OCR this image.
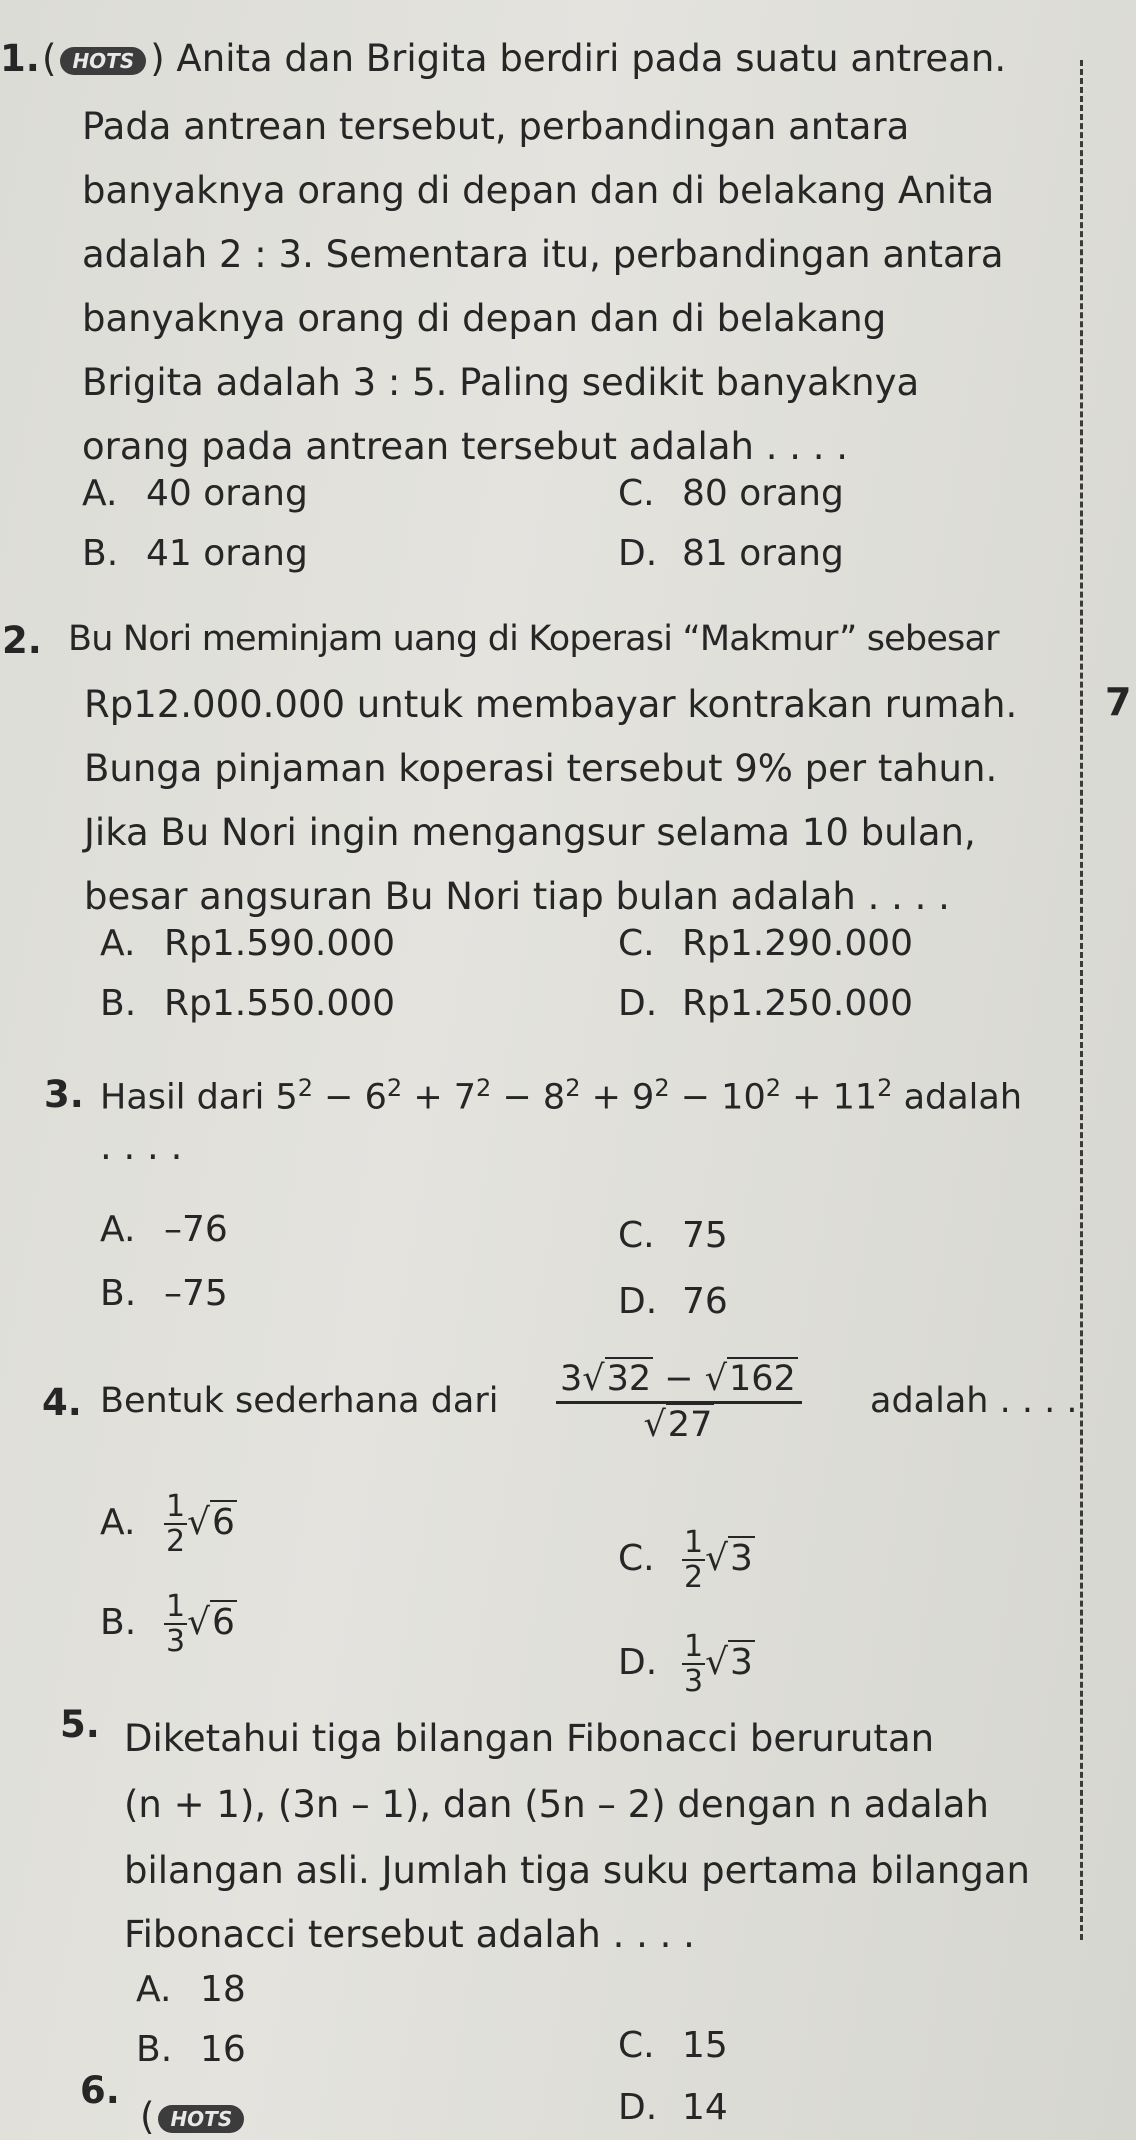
7
1. ( HOTS ) Anita dan Brigita berdiri pada suatu antrean.
Pada antrean tersebut, perbandingan antara
banyaknya orang di depan dan di belakang Anita
adalah 2 : 3. Sementara itu, perbandingan antara
banyaknya orang di depan dan di belakang
Brigita adalah 3 : 5. Paling sedikit banyaknya
orang pada antrean tersebut adalah . . . .
A. 40 orang
B. 41 orang
C. 80 orang
D. 81 orang
2. Bu Nori meminjam uang di Koperasi “Makmur” sebesar
Rp12.000.000 untuk membayar kontrakan rumah.
Bunga pinjaman koperasi tersebut 9% per tahun.
Jika Bu Nori ingin mengangsur selama 10 bulan,
besar angsuran Bu Nori tiap bulan adalah . . . .
A. Rp1.590.000
B. Rp1.550.000
C. Rp1.290.000
D. Rp1.250.000
3. Hasil dari $5^2 - 6^2 + 7^2 - 8^2 + 9^2 - 10^2 + 11^2$ adalah
. . . .
A. –76
B. –75
C. 75
D. 76
4. Bentuk sederhana dari $\frac{3√32 - √162}{√27}$ adalah . . . .
A. $\frac{1}{2} √6$
B. $\frac{1}{3} √6$
C. $\frac{1}{2} √3$
D. $\frac{1}{3} √3$
5. Diketahui tiga bilangan Fibonacci berurutan
(n + 1), (3n – 1), dan (5n – 2) dengan n adalah
bilangan asli. Jumlah tiga suku pertama bilangan
Fibonacci tersebut adalah . . . .
A. 18
B. 16	C. 15
D. 14
6.
( HOTS
